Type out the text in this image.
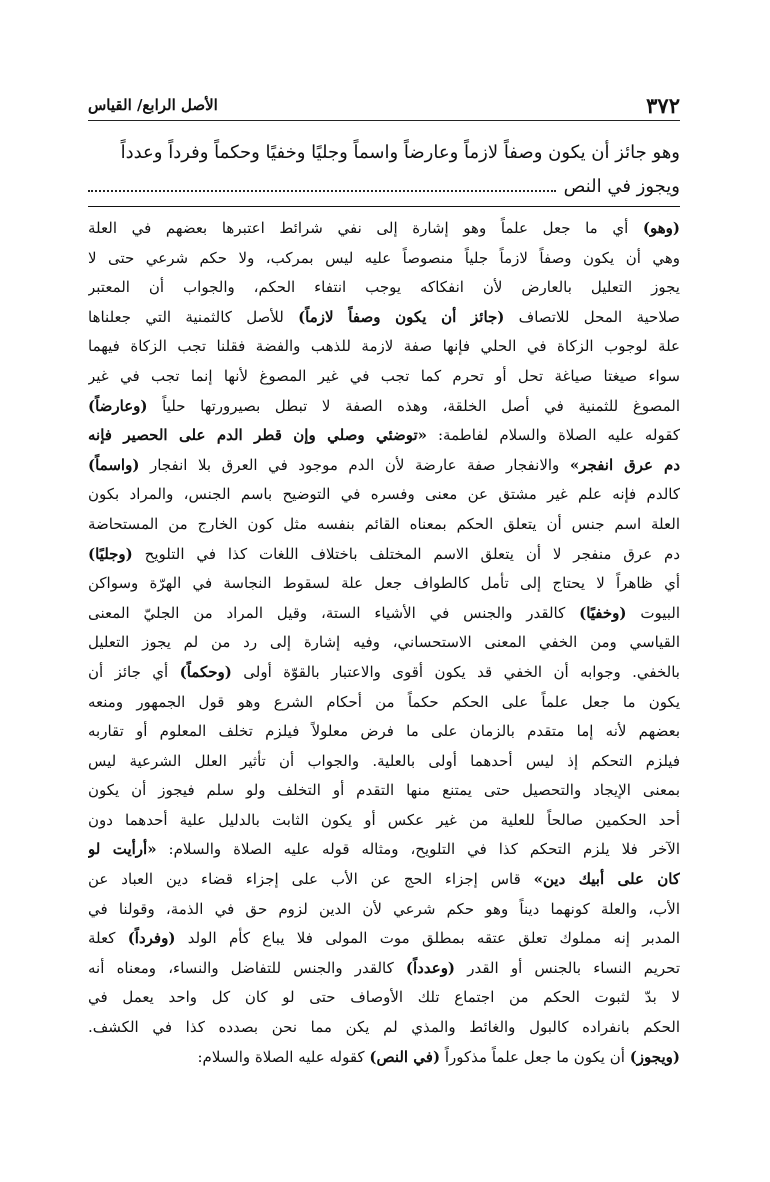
الأصل الرابع/ القياس	٣٧٢
وهو جائز أن يكون وصفاً لازماً وعارضاً واسماً وجليًا وخفيًا وحكماً وفرداً وعدداً
ويجوز في النص
(وهو) أي ما جعل علماً وهو إشارة إلى نفي شرائط اعتبرها بعضهم في العلة
وهي أن يكون وصفاً لازماً جلياً منصوصاً عليه ليس بمركب، ولا حكم شرعي حتى لا
يجوز التعليل بالعارض لأن انفكاكه يوجب انتفاء الحكم، والجواب أن المعتبر
صلاحية المحل للاتصاف (جائز أن يكون وصفاً لازماً) للأصل كالثمنية التي جعلناها
علة لوجوب الزكاة في الحلي فإنها صفة لازمة للذهب والفضة فقلنا تجب الزكاة فيهما
سواء صيغتا صياغة تحل أو تحرم كما تجب في غير المصوغ لأنها إنما تجب في غير
المصوغ للثمنية في أصل الخلقة، وهذه الصفة لا تبطل بصيرورتها حلياً (وعارضاً)
كقوله عليه الصلاة والسلام لفاطمة: «توضئي وصلي وإن قطر الدم على الحصير فإنه
دم عرق انفجر» والانفجار صفة عارضة لأن الدم موجود في العرق بلا انفجار (واسماً)
كالدم فإنه علم غير مشتق عن معنى وفسره في التوضيح باسم الجنس، والمراد بكون
العلة اسم جنس أن يتعلق الحكم بمعناه القائم بنفسه مثل كون الخارج من المستحاضة
دم عرق منفجر لا أن يتعلق الاسم المختلف باختلاف اللغات كذا في التلويح (وجليًا)
أي ظاهراً لا يحتاج إلى تأمل كالطواف جعل علة لسقوط النجاسة في الهرّة وسواكن
البيوت (وخفيًا) كالقدر والجنس في الأشياء الستة، وقيل المراد من الجليّ المعنى
القياسي ومن الخفي المعنى الاستحساني، وفيه إشارة إلى رد من لم يجوز التعليل
بالخفي. وجوابه أن الخفي قد يكون أقوى والاعتبار بالقوّة أولى (وحكماً) أي جائز أن
يكون ما جعل علماً على الحكم حكماً من أحكام الشرع وهو قول الجمهور ومنعه
بعضهم لأنه إما متقدم بالزمان على ما فرض معلولاً فيلزم تخلف المعلوم أو تقاربه
فيلزم التحكم إذ ليس أحدهما أولى بالعلية. والجواب أن تأثير العلل الشرعية ليس
بمعنى الإيجاد والتحصيل حتى يمتنع منها التقدم أو التخلف ولو سلم فيجوز أن يكون
أحد الحكمين صالحاً للعلية من غير عكس أو يكون الثابت بالدليل علية أحدهما دون
الآخر فلا يلزم التحكم كذا في التلويح، ومثاله قوله عليه الصلاة والسلام: «أرأيت لو
كان على أبيك دين» قاس إجزاء الحج عن الأب على إجزاء قضاء دين العباد عن
الأب، والعلة كونهما ديناً وهو حكم شرعي لأن الدين لزوم حق في الذمة، وقولنا في
المدبر إنه مملوك تعلق عتقه بمطلق موت المولى فلا يباع كأم الولد (وفرداً) كعلة
تحريم النساء بالجنس أو القدر (وعدداً) كالقدر والجنس للتفاضل والنساء، ومعناه أنه
لا بدّ لثبوت الحكم من اجتماع تلك الأوصاف حتى لو كان كل واحد يعمل في
الحكم بانفراده كالبول والغائط والمذي لم يكن مما نحن بصدده كذا في الكشف.
(ويجوز) أن يكون ما جعل علماً مذكوراً (في النص) كقوله عليه الصلاة والسلام:
